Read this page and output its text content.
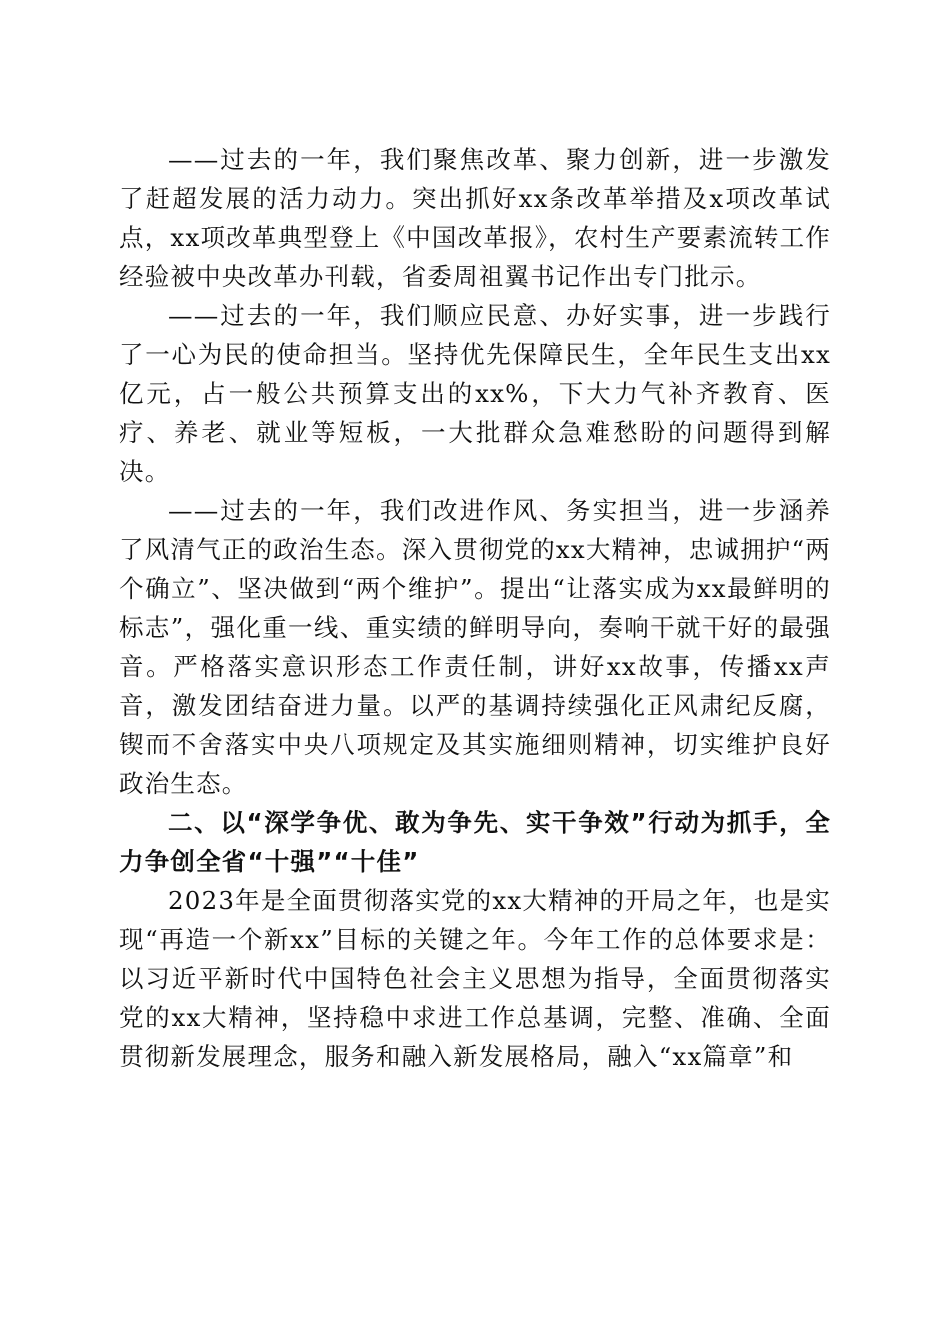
——过去的一年，我们聚焦改革、聚力创新，进一步激发了赶超发展的活力动力。突出抓好xx条改革举措及x项改革试点，xx项改革典型登上《中国改革报》，农村生产要素流转工作经验被中央改革办刊载，省委周祖翼书记作出专门批示。

——过去的一年，我们顺应民意、办好实事，进一步践行了一心为民的使命担当。坚持优先保障民生，全年民生支出xx亿元，占一般公共预算支出的xx%，下大力气补齐教育、医疗、养老、就业等短板，一大批群众急难愁盼的问题得到解决。

——过去的一年，我们改进作风、务实担当，进一步涵养了风清气正的政治生态。深入贯彻党的xx大精神，忠诚拥护“两个确立”、坚决做到“两个维护”。提出“让落实成为xx最鲜明的标志”，强化重一线、重实绩的鲜明导向，奏响干就干好的最强音。严格落实意识形态工作责任制，讲好xx故事，传播xx声音，激发团结奋进力量。以严的基调持续强化正风肃纪反腐，锲而不舍落实中央八项规定及其实施细则精神，切实维护良好政治生态。

二、以“深学争优、敢为争先、实干争效”行动为抓手，全力争创全省“十强”“十佳”

2023年是全面贯彻落实党的xx大精神的开局之年，也是实现“再造一个新xx”目标的关键之年。今年工作的总体要求是：以习近平新时代中国特色社会主义思想为指导，全面贯彻落实党的xx大精神，坚持稳中求进工作总基调，完整、准确、全面贯彻新发展理念，服务和融入新发展格局，融入“xx篇章”和
